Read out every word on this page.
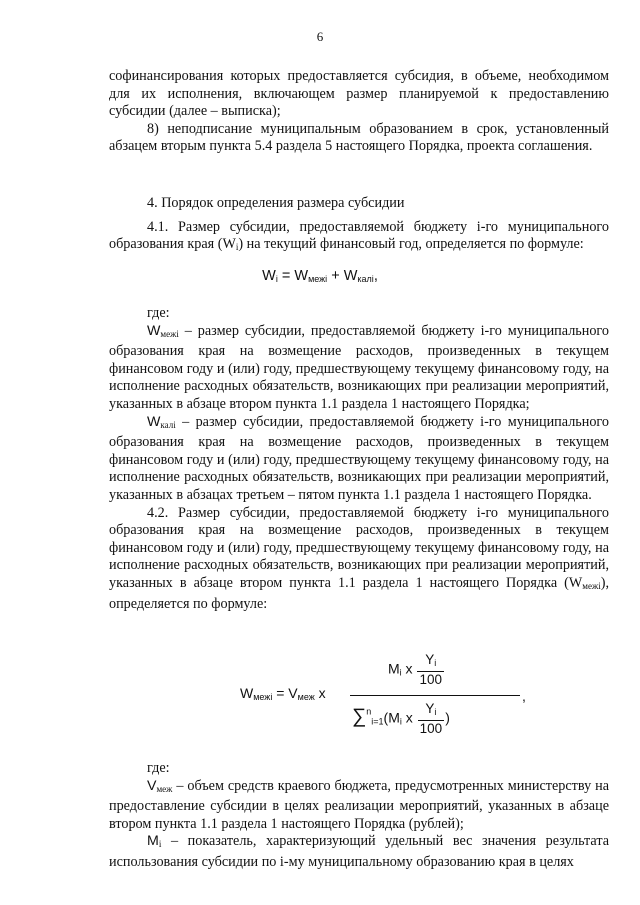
6

софинансирования которых предоставляется субсидия, в объеме, необходимом для их исполнения, включающем размер планируемой к предоставлению субсидии (далее – выписка);

8) неподписание муниципальным образованием в срок, установленный абзацем вторым пункта 5.4 раздела 5 настоящего Порядка, проекта соглашения.

4. Порядок определения размера субсидии

4.1. Размер субсидии, предоставляемой бюджету i-го муниципального образования края $(W_i)$ на текущий финансовый год, определяется по формуле:

$W_i = W_{межi} + W_{калi}$,

где:

$W_{межi}$ – размер субсидии, предоставляемой бюджету i-го муниципального образования края на возмещение расходов, произведенных в текущем финансовом году и (или) году, предшествующему текущему финансовому году, на исполнение расходных обязательств, возникающих при реализации мероприятий, указанных в абзаце втором пункта 1.1 раздела 1 настоящего Порядка;

$W_{калi}$ – размер субсидии, предоставляемой бюджету i-го муниципального образования края на возмещение расходов, произведенных в текущем финансовом году и (или) году, предшествующему текущему финансовому году, на исполнение расходных обязательств, возникающих при реализации мероприятий, указанных в абзацах третьем – пятом пункта 1.1 раздела 1 настоящего Порядка.

4.2. Размер субсидии, предоставляемой бюджету i-го муниципального образования края на возмещение расходов, произведенных в текущем финансовом году и (или) году, предшествующему текущему финансовому году, на исполнение расходных обязательств, возникающих при реализации мероприятий, указанных в абзаце втором пункта 1.1 раздела 1 настоящего Порядка $(W_{межi})$, определяется по формуле:

$W_{межi} = V_{меж}$ x
$M_i$ x $\frac{Y_i}{100}$
$\sum^n_{i=1}(M_i$ x $\frac{Y_i}{100}$ )
,

где:

$V_{меж}$ – объем средств краевого бюджета, предусмотренных министерству на предоставление субсидии в целях реализации мероприятий, указанных в абзаце втором пункта 1.1 раздела 1 настоящего Порядка (рублей);

$M_i$ – показатель, характеризующий удельный вес значения результата использования субсидии по i-му муниципальному образованию края в целях
